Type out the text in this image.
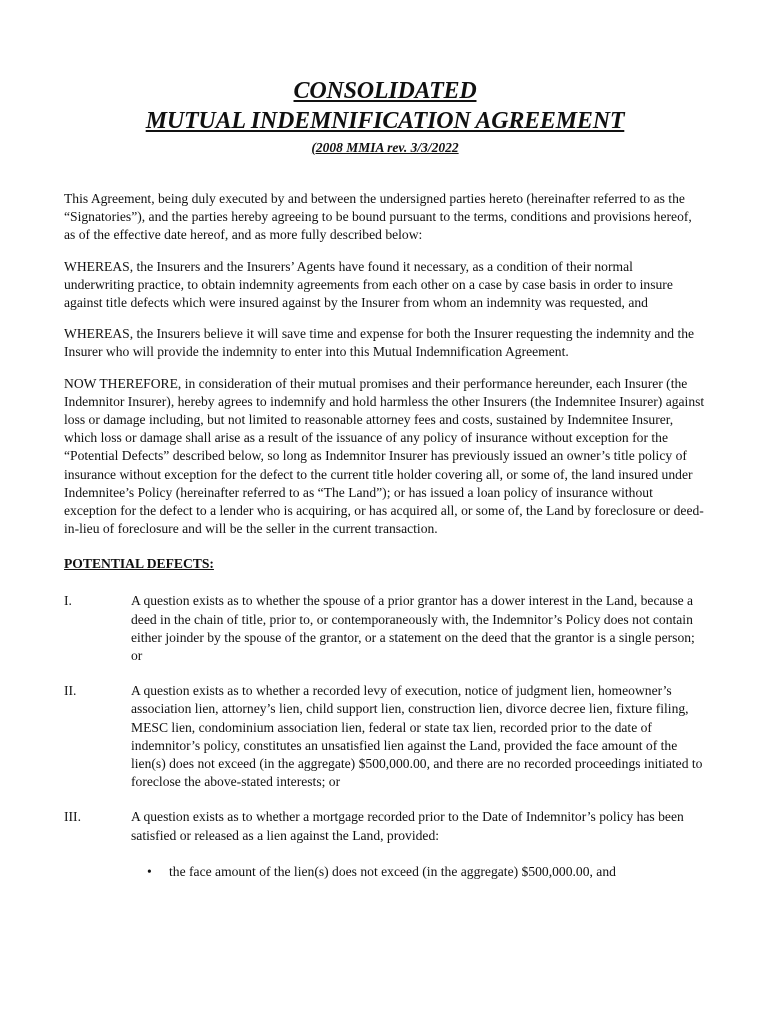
CONSOLIDATED
MUTUAL INDEMNIFICATION AGREEMENT
(2008 MMIA rev. 3/3/2022

This Agreement, being duly executed by and between the undersigned parties hereto (hereinafter referred to as the “Signatories”), and the parties hereby agreeing to be bound pursuant to the terms, conditions and provisions hereof, as of the effective date hereof, and as more fully described below:

WHEREAS, the Insurers and the Insurers’ Agents have found it necessary, as a condition of their normal underwriting practice, to obtain indemnity agreements from each other on a case by case basis in order to insure against title defects which were insured against by the Insurer from whom an indemnity was requested, and

WHEREAS, the Insurers believe it will save time and expense for both the Insurer requesting the indemnity and the Insurer who will provide the indemnity to enter into this Mutual Indemnification Agreement.

NOW THEREFORE, in consideration of their mutual promises and their performance hereunder, each Insurer (the Indemnitor Insurer), hereby agrees to indemnify and hold harmless the other Insurers (the Indemnitee Insurer) against loss or damage including, but not limited to reasonable attorney fees and costs, sustained by Indemnitee Insurer, which loss or damage shall arise as a result of the issuance of any policy of insurance without exception for the “Potential Defects” described below, so long as Indemnitor Insurer has previously issued an owner’s title policy of insurance without exception for the defect to the current title holder covering all, or some of, the land insured under Indemnitee’s Policy (hereinafter referred to as “The Land”); or has issued a loan policy of insurance without exception for the defect to a lender who is acquiring, or has acquired all, or some of, the Land by foreclosure or deed-in-lieu of foreclosure and will be the seller in the current transaction.

POTENTIAL DEFECTS:
I.	A question exists as to whether the spouse of a prior grantor has a dower interest in the Land, because a deed in the chain of title, prior to, or contemporaneously with, the Indemnitor’s Policy does not contain either joinder by the spouse of the grantor, or a statement on the deed that the grantor is a single person; or
II.	A question exists as to whether a recorded levy of execution, notice of judgment lien, homeowner’s association lien, attorney’s lien, child support lien, construction lien, divorce decree lien, fixture filing, MESC lien, condominium association lien, federal or state tax lien, recorded prior to the date of indemnitor’s policy, constitutes an unsatisfied lien against the Land, provided the face amount of the lien(s) does not exceed (in the aggregate) $500,000.00, and there are no recorded proceedings initiated to foreclose the above-stated interests; or
III.	A question exists as to whether a mortgage recorded prior to the Date of Indemnitor’s policy has been satisfied or released as a lien against the Land, provided:
•	the face amount of the lien(s) does not exceed (in the aggregate) $500,000.00, and
